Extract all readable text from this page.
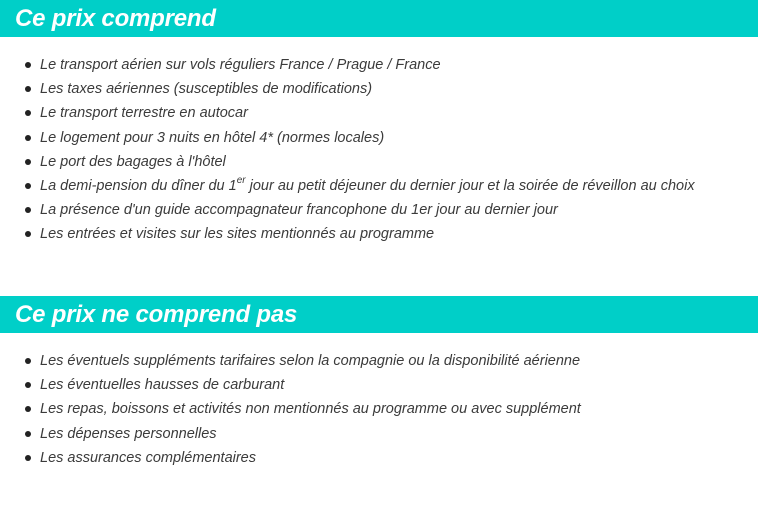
Ce prix comprend
Le transport aérien sur vols réguliers France / Prague / France
Les taxes aériennes (susceptibles de modifications)
Le transport terrestre en autocar
Le logement pour 3 nuits en hôtel 4* (normes locales)
Le port des bagages à l'hôtel
La demi-pension du dîner du 1er jour au petit déjeuner du dernier jour et la soirée de réveillon au choix
La présence d'un guide accompagnateur francophone du 1er jour au dernier jour
Les entrées et visites sur les sites mentionnés au programme
Ce prix ne comprend pas
Les éventuels suppléments tarifaires selon la compagnie ou la disponibilité aérienne
Les éventuelles hausses de carburant
Les repas, boissons et activités non mentionnés au programme ou avec supplément
Les dépenses personnelles
Les assurances complémentaires
